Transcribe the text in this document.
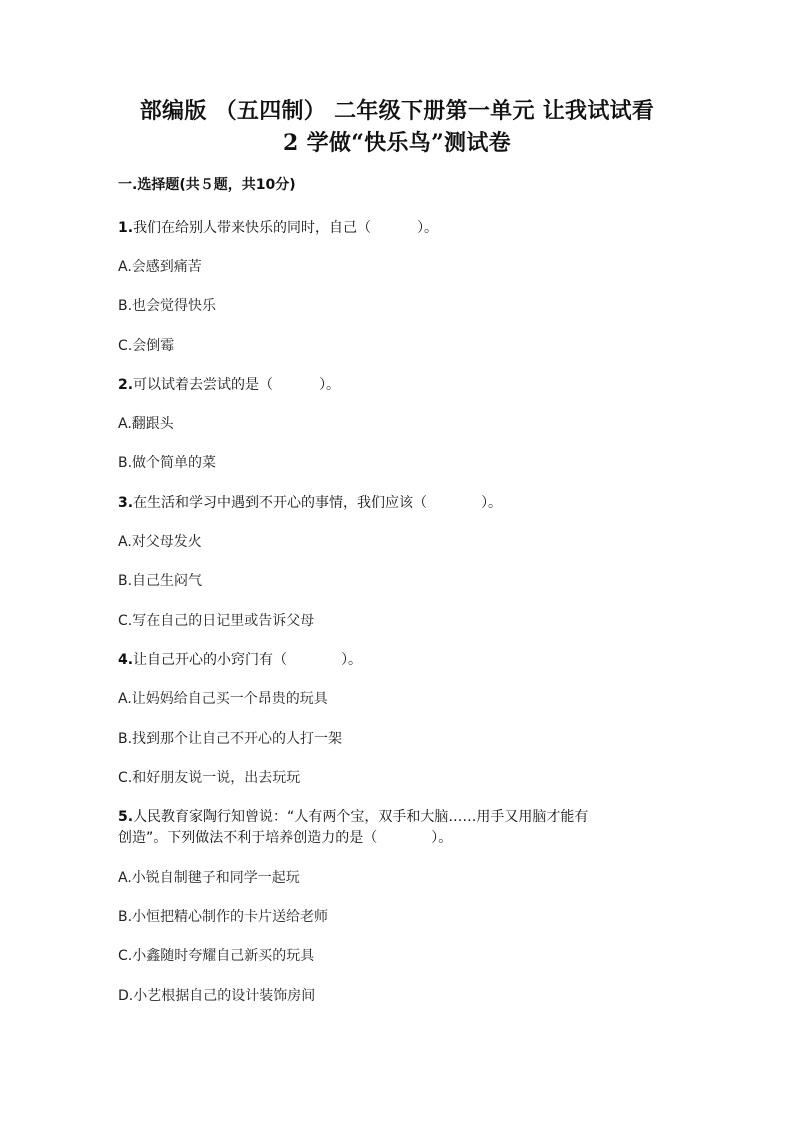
部编版 （五四制） 二年级下册第一单元 让我试试看
2 学做“快乐鸟”测试卷
一.选择题(共５题，共10分)
1.我们在给别人带来快乐的同时，自己（	）。
A.会感到痛苦
B.也会觉得快乐
C.会倒霉
2.可以试着去尝试的是（	）。
A.翻跟头
B.做个简单的菜
3.在生活和学习中遇到不开心的事情，我们应该（	）。
A.对父母发火
B.自己生闷气
C.写在自己的日记里或告诉父母
4.让自己开心的小窍门有（	）。
A.让妈妈给自己买一个昂贵的玩具
B.找到那个让自己不开心的人打一架
C.和好朋友说一说，出去玩玩
5.人民教育家陶行知曾说：“人有两个宝，双手和大脑……用手又用脑才能有
创造”。下列做法不利于培养创造力的是（	）。
A.小锐自制毽子和同学一起玩
B.小恒把精心制作的卡片送给老师
C.小鑫随时夸耀自己新买的玩具
D.小艺根据自己的设计装饰房间
